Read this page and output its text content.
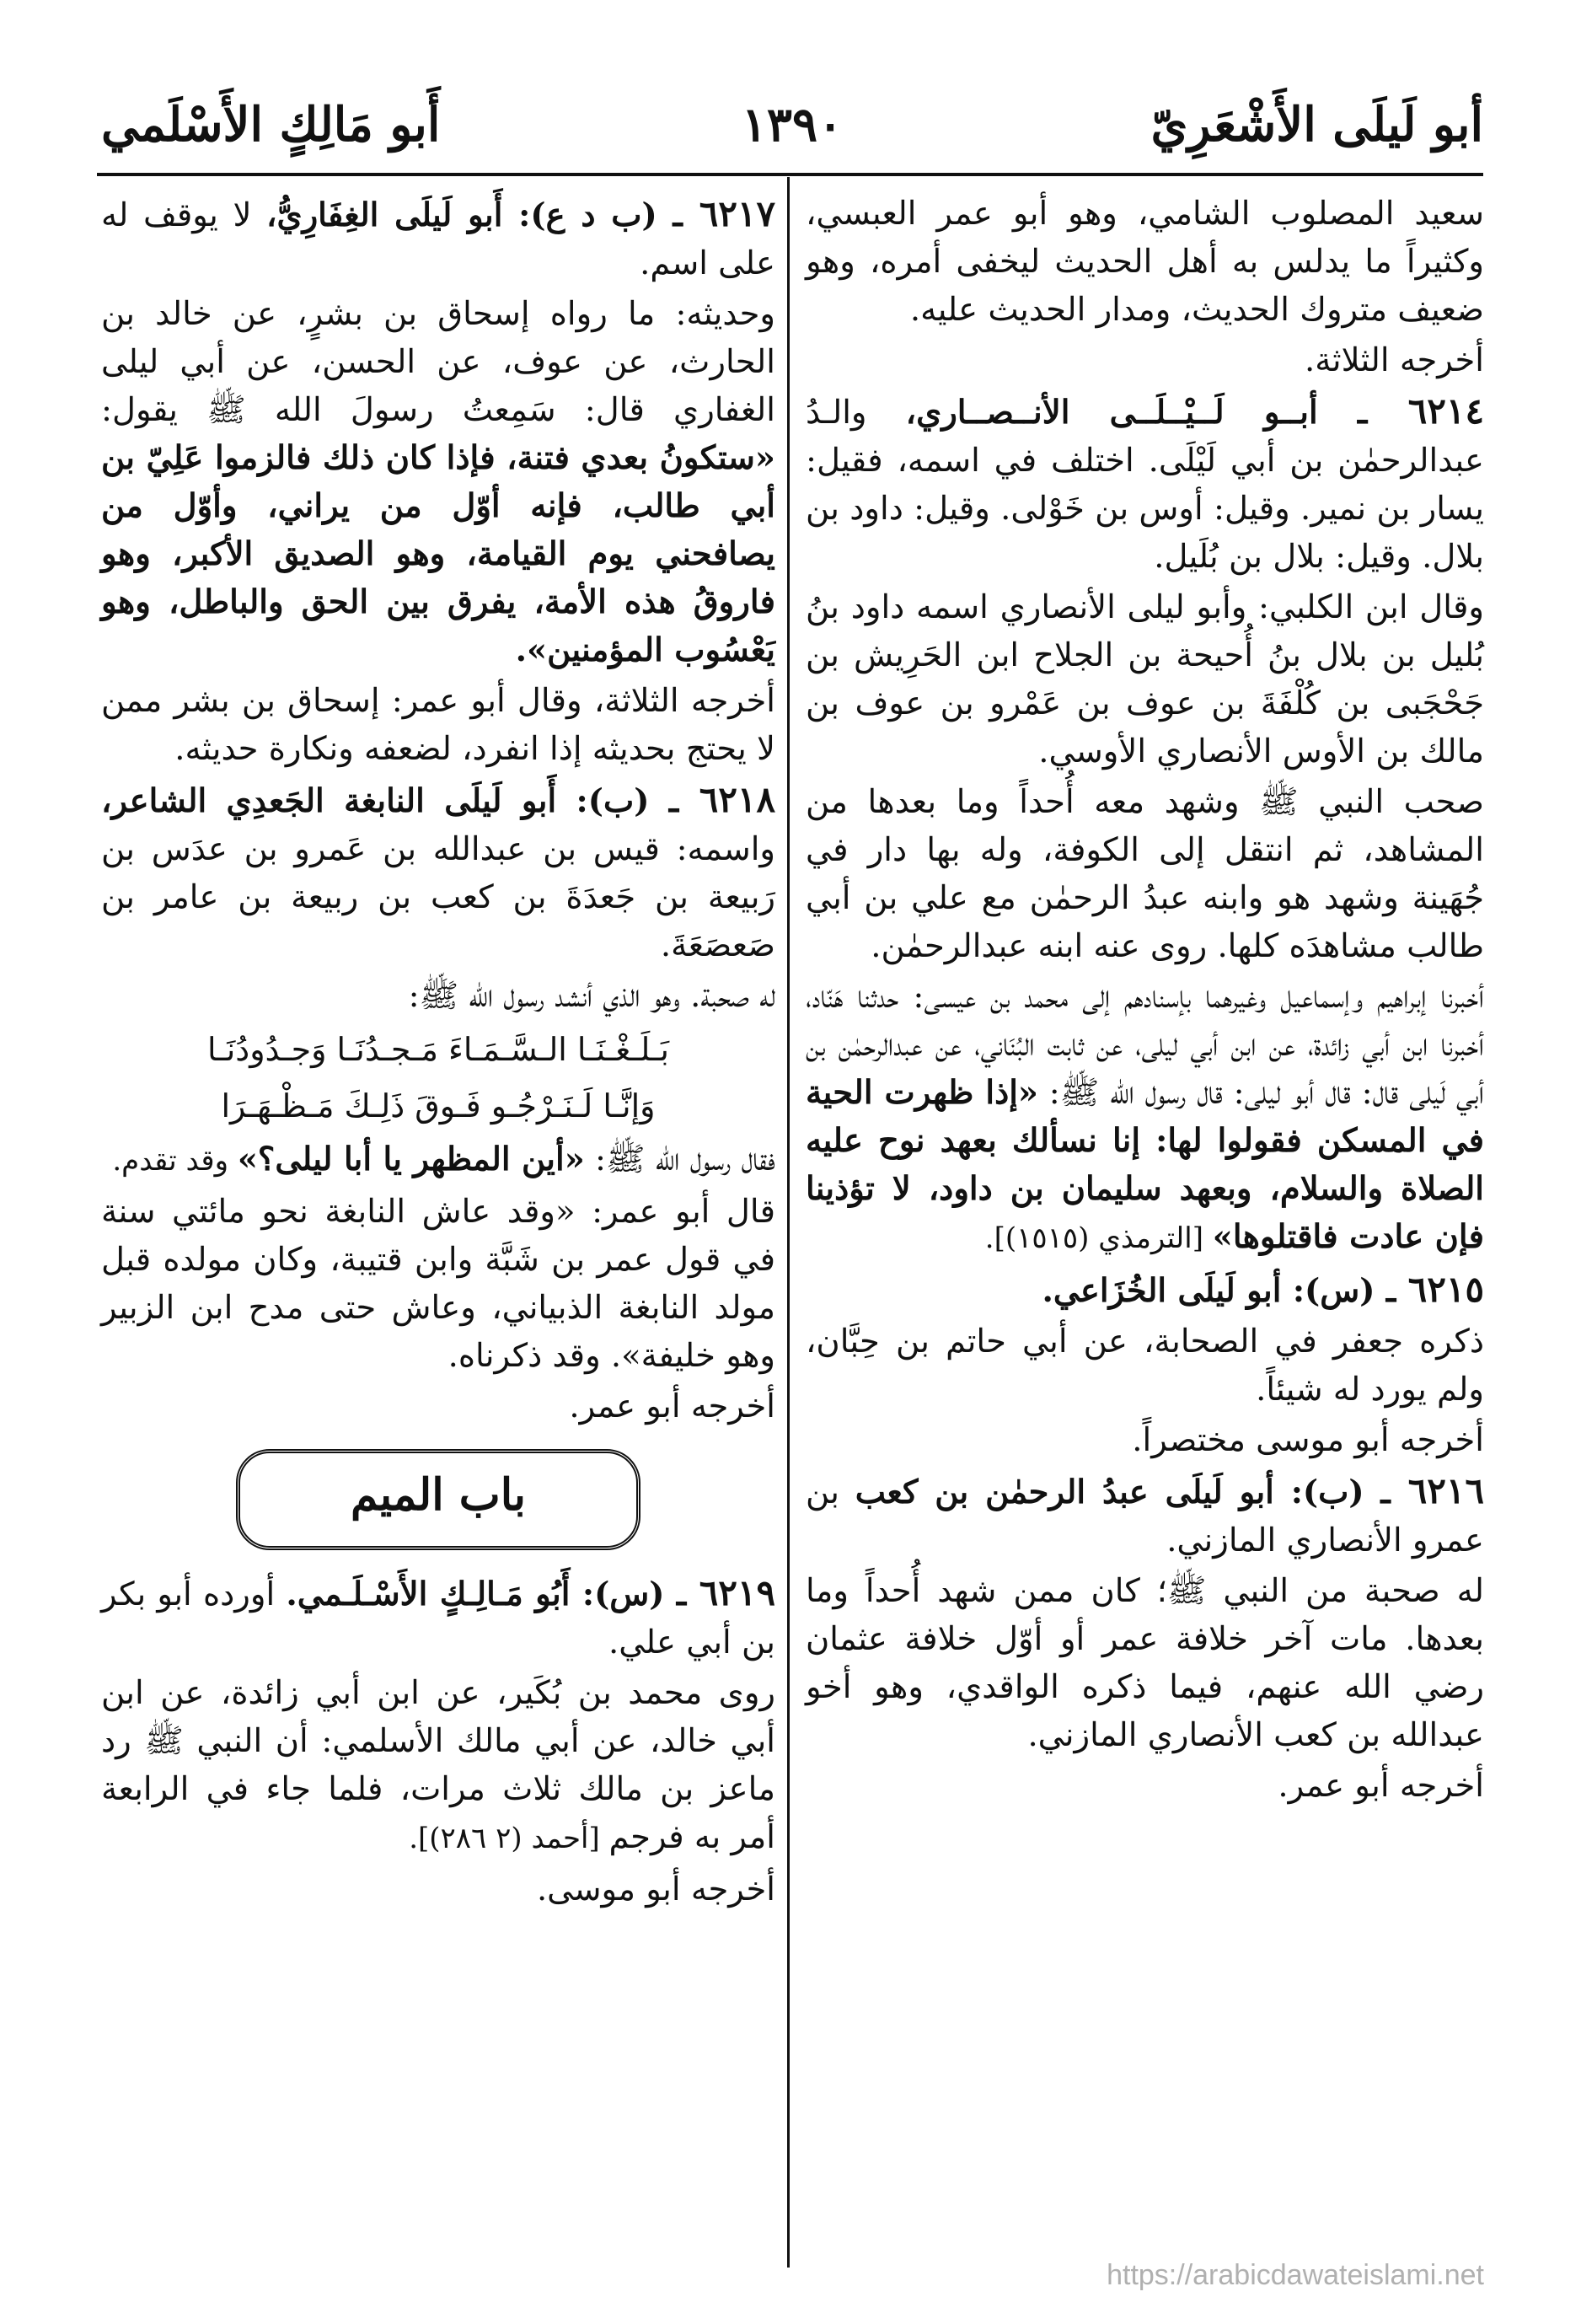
أبو لَيلَى الأَشْعَرِيّ
١٣٩٠
أَبو مَالِكٍ الأَسْلَمي

سعيد المصلوب الشامي، وهو أبو عمر العبسي، وكثيراً ما يدلس به أهل الحديث ليخفى أمره، وهو ضعيف متروك الحديث، ومدار الحديث عليه.

أخرجه الثلاثة.

٦٢١٤ ـ أبــو لَــيْــلَــى الأنــصــاري، والـدُ عبدالرحمٰن بن أبي لَيْلَى. اختلف في اسمه، فقيل: يسار بن نمير. وقيل: أوس بن خَوْلى. وقيل: داود بن بلال. وقيل: بلال بن بُلَيل.

وقال ابن الكلبي: وأبو ليلى الأنصاري اسمه داود بنُ بُليل بن بلال بنُ أُحيحة بن الجلاح ابن الحَرِيش بن جَحْجَبى بن كُلْفَةَ بن عوف بن عَمْرو بن عوف بن مالك بن الأوس الأنصاري الأوسي.

صحب النبي ﷺ وشهد معه أُحداً وما بعدها من المشاهد، ثم انتقل إلى الكوفة، وله بها دار في جُهَينة وشهد هو وابنه عبدُ الرحمٰن مع علي بن أبي طالب مشاهدَه كلها. روى عنه ابنه عبدالرحمٰن.

أخبرنا إبراهيم وإسماعيل وغيرهما بإسنادهم إلى محمد بن عيسى: حدثنا هَنّاد، أخبرنا ابن أبي زائدة، عن ابن أبي ليلى، عن ثابت البُنَاني، عن عبدالرحمٰن بن أبي لَيلى قال: قال أبو ليلى: قال رسول الله ﷺ: «إذا ظهرت الحية في المسكن فقولوا لها: إنا نسألك بعهد نوح عليه الصلاة والسلام، وبعهد سليمان بن داود، لا تؤذينا فإن عادت فاقتلوها» [الترمذي (١٥١٥)].

٦٢١٥ ـ (س): أبو لَيلَى الخُزَاعي.

ذكره جعفر في الصحابة، عن أبي حاتم بن حِبَّان، ولم يورد له شيئاً.

أخرجه أبو موسى مختصراً.

٦٢١٦ ـ (ب): أبو لَيلَى عبدُ الرحمٰن بن كعب بن عمرو الأنصاري المازني.

له صحبة من النبي ﷺ؛ كان ممن شهد أُحداً وما بعدها. مات آخر خلافة عمر أو أوّل خلافة عثمان رضي الله عنهم، فيما ذكره الواقدي، وهو أخو عبدالله بن كعب الأنصاري المازني.

أخرجه أبو عمر.

٦٢١٧ ـ (ب د ع): أَبو لَيلَى الغِفَارِيُّ، لا يوقف له على اسم.

وحديثه: ما رواه إسحاق بن بشرٍ، عن خالد بن الحارث، عن عوف، عن الحسن، عن أبي ليلى الغفاري قال: سَمِعتُ رسولَ الله ﷺ يقول: «ستكونُ بعدي فتنة، فإذا كان ذلك فالزموا عَلِيّ بن أبي طالب، فإنه أوّل من يراني، وأوّل من يصافحني يوم القيامة، وهو الصديق الأكبر، وهو فاروقُ هذه الأمة، يفرق بين الحق والباطل، وهو يَعْسُوب المؤمنين».

أخرجه الثلاثة، وقال أبو عمر: إسحاق بن بشر ممن لا يحتج بحديثه إذا انفرد، لضعفه ونكارة حديثه.

٦٢١٨ ـ (ب): أَبو لَيلَى النابغة الجَعدِي الشاعر، واسمه: قيس بن عبدالله بن عَمرو بن عدَس بن رَبيعة بن جَعدَةَ بن كعب بن ربيعة بن عامر بن صَعصَعَةَ.

له صحبة. وهو الذي أنشد رسول الله ﷺ:

بَـلَـغْـنَـا الـسَّـمَـاءَ مَـجـدُنَـا وَجـدُودُنَـا

وَإنَّـا لَـنَـرْجُـو فَـوقَ ذَلِـكَ مَـظْـهَـرَا

فقال رسول الله ﷺ: «أين المظهر يا أبا ليلى؟» وقد تقدم.

قال أبو عمر: «وقد عاش النابغة نحو مائتي سنة في قول عمر بن شَبَّة وابن قتيبة، وكان مولده قبل مولد النابغة الذبياني، وعاش حتى مدح ابن الزبير وهو خليفة». وقد ذكرناه.

أخرجه أبو عمر.

باب الميم

٦٢١٩ ـ (س): أَبُو مَـالِـكٍ الأَسْـلَـمي. أورده أبو بكر بن أبي علي.

روى محمد بن بُكَير، عن ابن أبي زائدة، عن ابن أبي خالد، عن أبي مالك الأسلمي: أن النبي ﷺ رد ماعز بن مالك ثلاث مرات، فلما جاء في الرابعة أمر به فرجم [أحمد (٢ ٢٨٦)].

أخرجه أبو موسى.

https://arabicdawateislami.net
